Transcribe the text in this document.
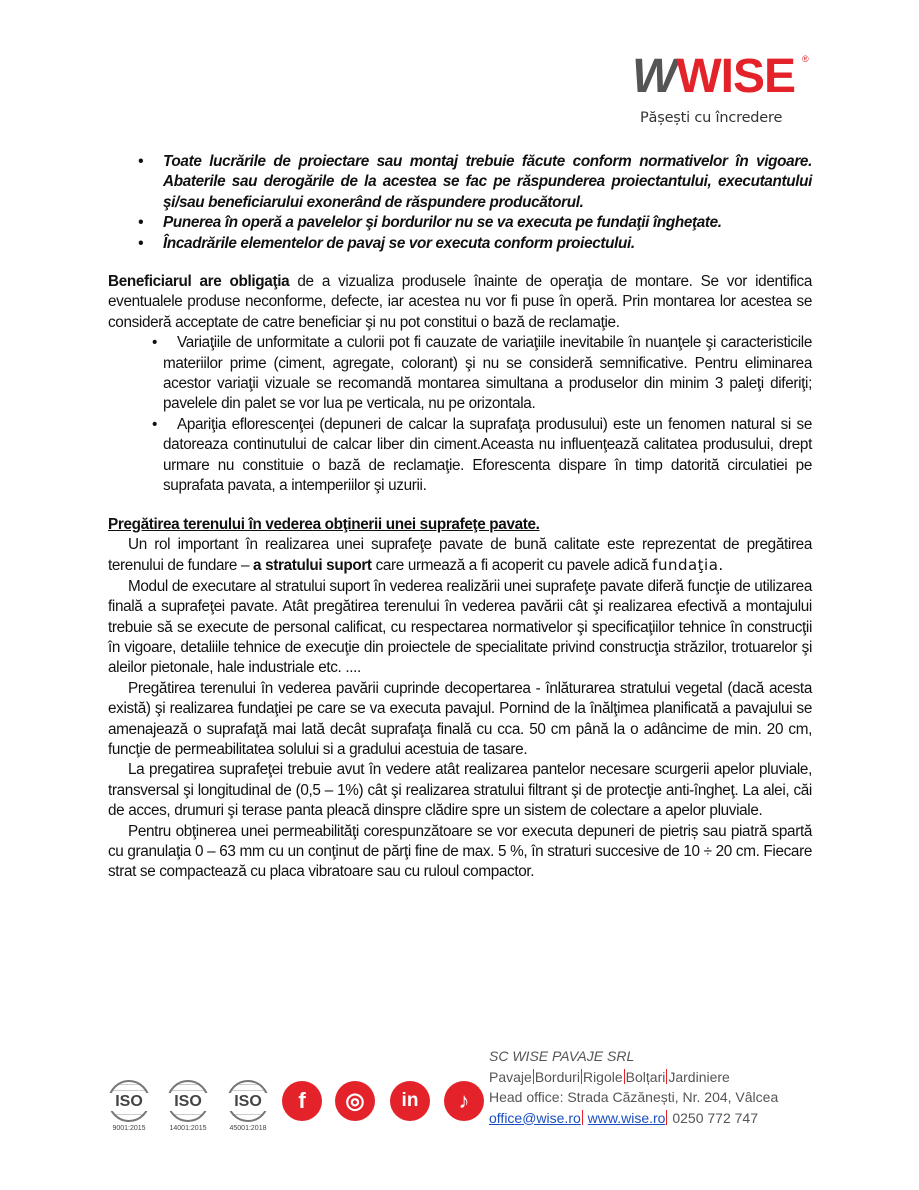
WWISE ®
Pășești cu încredere
• Toate lucrările de proiectare sau montaj trebuie făcute conform normativelor în vigoare. Abaterile sau derogările de la acestea se fac pe răspunderea proiectantului, executantului şi/sau beneficiarului exonerând de răspundere producătorul.
• Punerea în operă a pavelelor şi bordurilor nu se va executa pe fundaţii îngheţate.
• Încadrările elementelor de pavaj se vor executa conform proiectului.

Beneficiarul are obligaţia de a vizualiza produsele înainte de operaţia de montare. Se vor identifica eventualele produse neconforme, defecte, iar acestea nu vor fi puse în operă. Prin montarea lor acestea se consideră acceptate de catre beneficiar şi nu pot constitui o bază de reclamaţie.

• Variaţiile de unformitate a culorii pot fi cauzate de variaţiile inevitabile în nuanţele şi caracteristicile materiilor prime (ciment, agregate, colorant) şi nu se consideră semnificative. Pentru eliminarea acestor variaţii vizuale se recomandă montarea simultana a produselor din minim 3 paleţi diferiţi; pavelele din palet se vor lua pe verticala, nu pe orizontala.
• Apariţia eflorescenţei (depuneri de calcar la suprafaţa produsului) este un fenomen natural si se datoreaza continutului de calcar liber din ciment.Aceasta nu influenţează calitatea produsului, drept urmare nu constituie o bază de reclamaţie. Eforescenta dispare în timp datorită circulatiei pe suprafata pavata, a intemperiilor şi uzurii.

Pregătirea terenului în vederea obţinerii unei suprafeţe pavate.

Un rol important în realizarea unei suprafeţe pavate de bună calitate este reprezentat de pregătirea terenului de fundare – a stratului suport care urmează a fi acoperit cu pavele adică fundaţia.

Modul de executare al stratului suport în vederea realizării unei suprafeţe pavate diferă funcţie de utilizarea finală a suprafeţei pavate. Atât pregătirea terenului în vederea pavării cât şi realizarea efectivă a montajului trebuie să se execute de personal calificat, cu respectarea normativelor şi specificaţiilor tehnice în construcţii în vigoare, detaliile tehnice de execuţie din proiectele de specialitate privind construcţia străzilor, trotuarelor şi aleilor pietonale, hale industriale etc. ....

Pregătirea terenului în vederea pavării cuprinde decopertarea - înlăturarea stratului vegetal (dacă acesta există) şi realizarea fundaţiei pe care se va executa pavajul. Pornind de la înălţimea planificată a pavajului se amenajează o suprafaţă mai lată decât suprafaţa finală cu cca. 50 cm până la o adâncime de min. 20 cm, funcţie de permeabilitatea solului si a gradului acestuia de tasare.

La pregatirea suprafeţei trebuie avut în vedere atât realizarea pantelor necesare scurgerii apelor pluviale, transversal şi longitudinal de (0,5 – 1%) cât şi realizarea stratului filtrant şi de protecţie anti-îngheţ. La alei, căi de acces, drumuri şi terase panta pleacă dinspre clădire spre un sistem de colectare a apelor pluviale.

Pentru obţinerea unei permeabilităţi corespunzătoare se vor executa depuneri de pietriș sau piatră spartă cu granulaţia 0 – 63 mm cu un conţinut de părţi fine de max. 5 %, în straturi succesive de 10 ÷ 20 cm. Fiecare strat se compactează cu placa vibratoare sau cu ruloul compactor.

ISO
9001:2015
ISO
14001:2015
ISO
45001:2018
f	◎	in	♪
SC WISE PAVAJE SRL
Pavaje Borduri Rigole Bolțari Jardiniere
Head office: Strada Căzănești, Nr. 204, Vâlcea
office@wise.ro www.wise.ro 0250 772 747
